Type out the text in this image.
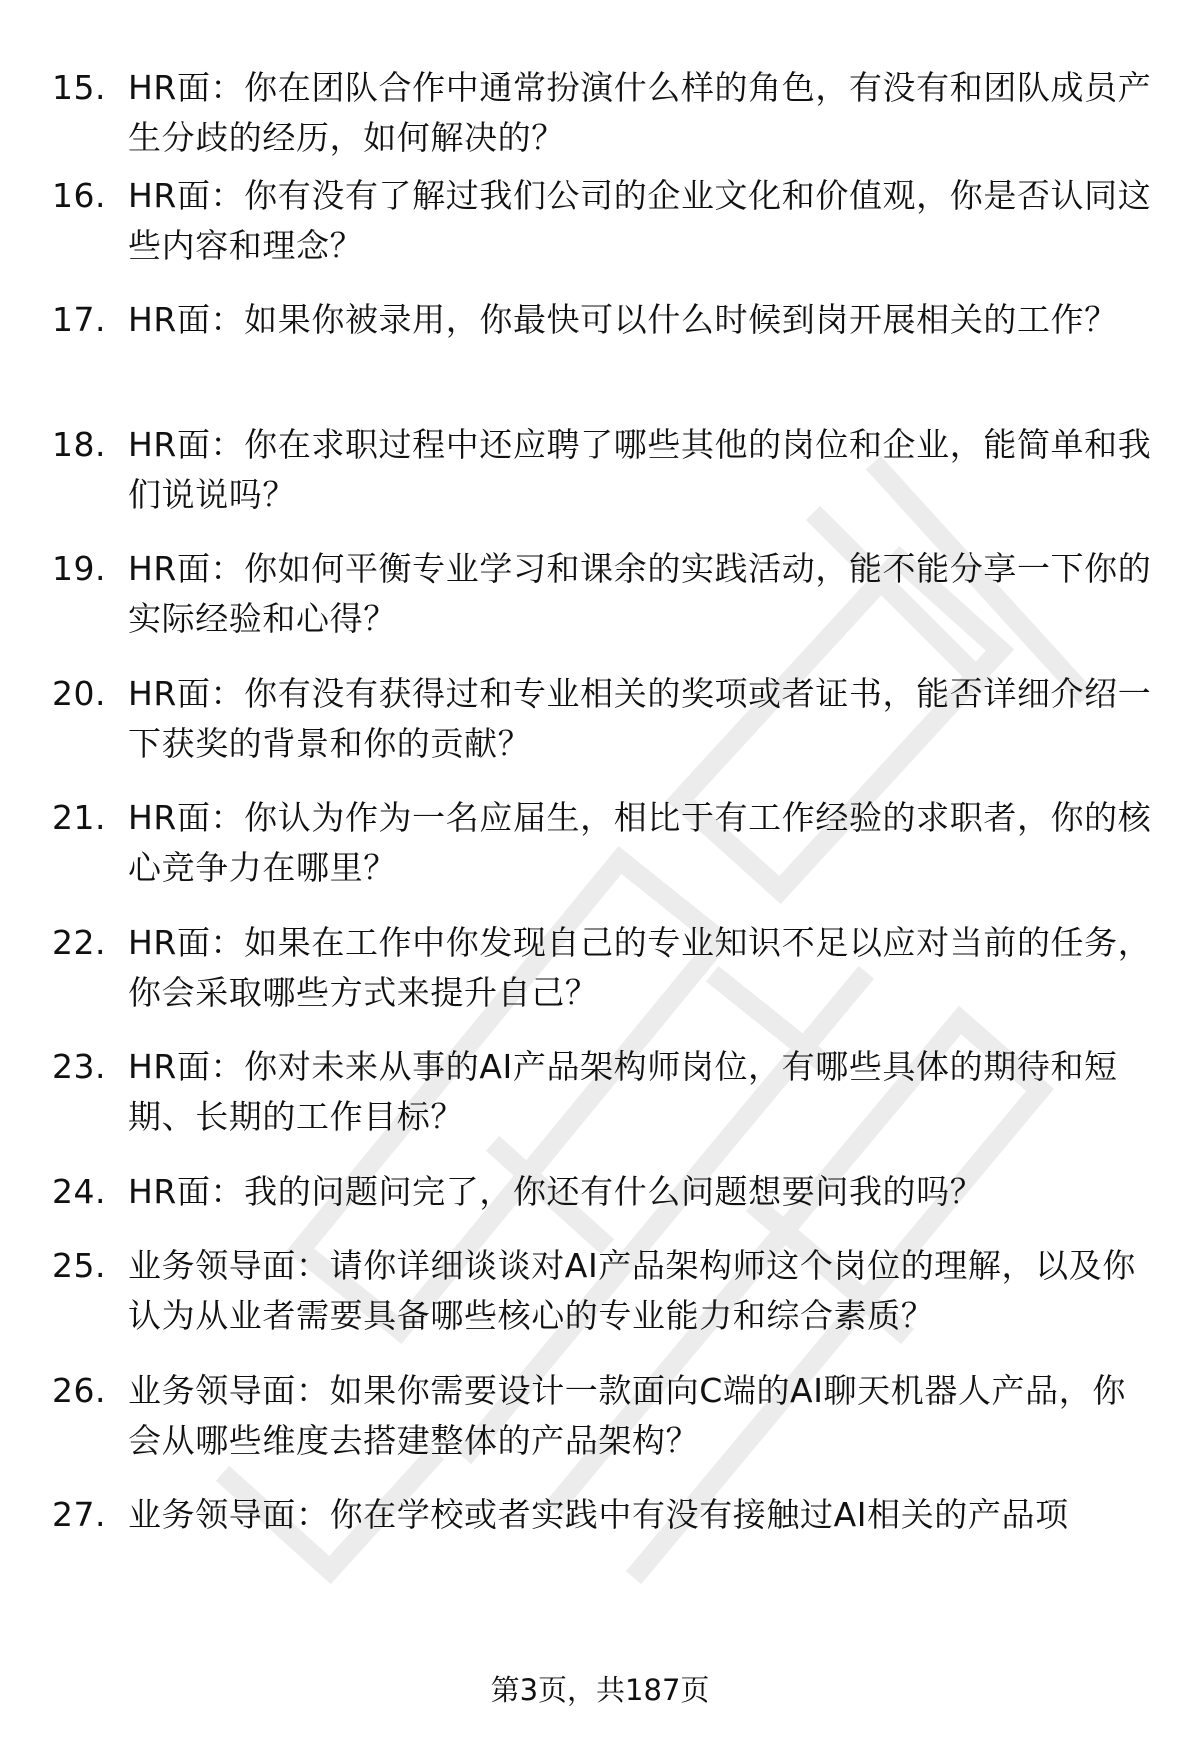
15. HR面：你在团队合作中通常扮演什么样的角色，有没有和团队成员产生分歧的经历，如何解决的？
16. HR面：你有没有了解过我们公司的企业文化和价值观，你是否认同这些内容和理念？
17. HR面：如果你被录用，你最快可以什么时候到岗开展相关的工作？
18. HR面：你在求职过程中还应聘了哪些其他的岗位和企业，能简单和我们说说吗？
19. HR面：你如何平衡专业学习和课余的实践活动，能不能分享一下你的实际经验和心得？
20. HR面：你有没有获得过和专业相关的奖项或者证书，能否详细介绍一下获奖的背景和你的贡献？
21. HR面：你认为作为一名应届生，相比于有工作经验的求职者，你的核心竞争力在哪里？
22. HR面：如果在工作中你发现自己的专业知识不足以应对当前的任务，你会采取哪些方式来提升自己？
23. HR面：你对未来从事的AI产品架构师岗位，有哪些具体的期待和短期、长期的工作目标？
24. HR面：我的问题问完了，你还有什么问题想要问我的吗？
25. 业务领导面：请你详细谈谈对AI产品架构师这个岗位的理解，以及你认为从业者需要具备哪些核心的专业能力和综合素质？
26. 业务领导面：如果你需要设计一款面向C端的AI聊天机器人产品，你会从哪些维度去搭建整体的产品架构？
27. 业务领导面：你在学校或者实践中有没有接触过AI相关的产品项
第3页，共187页
